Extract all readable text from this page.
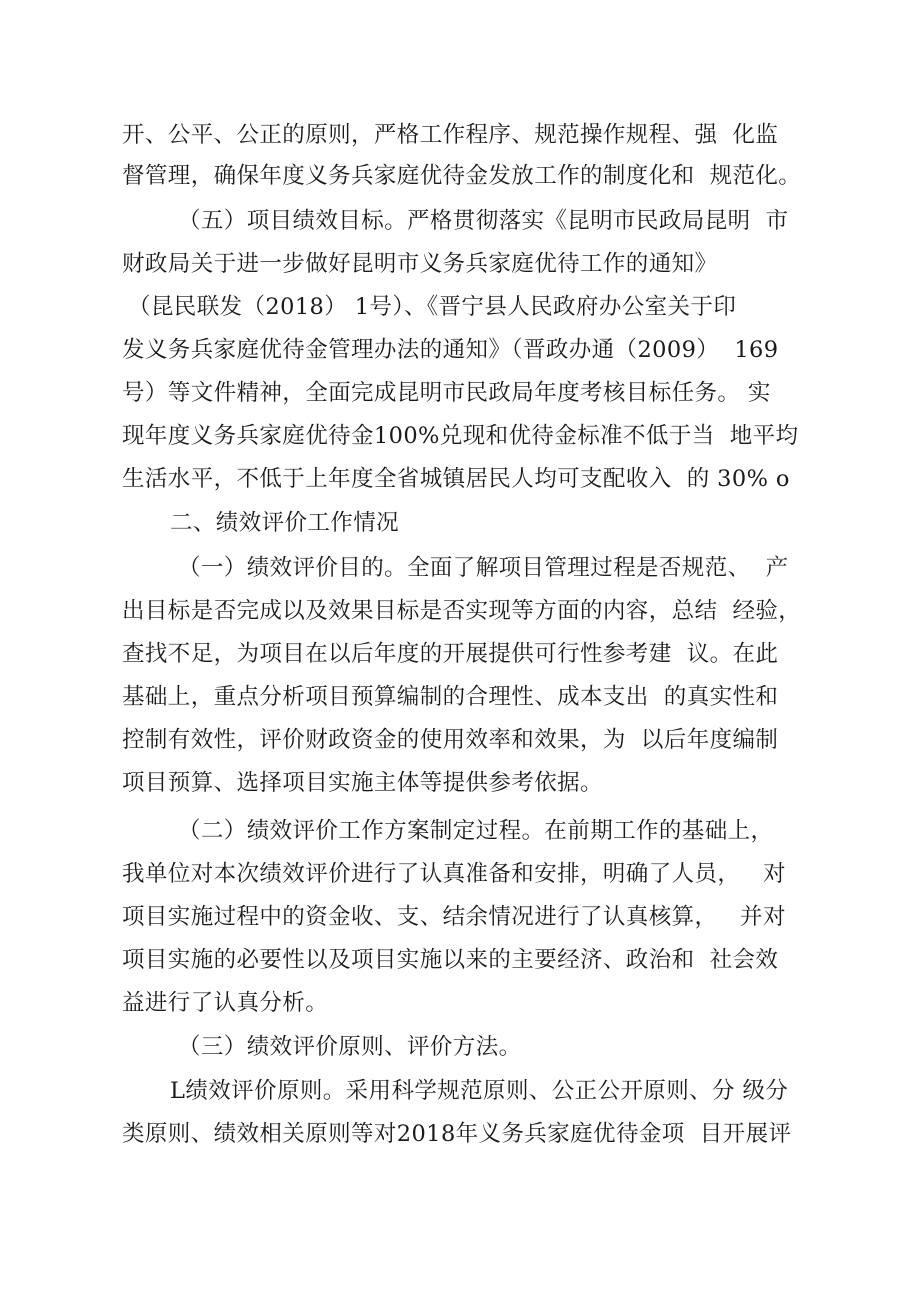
开、公平、公正的原则，严格工作程序、规范操作规程、强  化监
督管理，确保年度义务兵家庭优待金发放工作的制度化和  规范化。
（五）项目绩效目标。严格贯彻落实《昆明市民政局昆明  市
财政局关于进一步做好昆明市义务兵家庭优待工作的通知》
（昆民联发（2018） 1号）、《晋宁县人民政府办公室关于印
发义务兵家庭优待金管理办法的通知》（晋政办通（2009）  169
号）等文件精神，全面完成昆明市民政局年度考核目标任务。 实
现年度义务兵家庭优待金100%兑现和优待金标准不低于当  地平均
生活水平，不低于上年度全省城镇居民人均可支配收入  的 30% o
二、绩效评价工作情况
（一）绩效评价目的。全面了解项目管理过程是否规范、  产
出目标是否完成以及效果目标是否实现等方面的内容，总结  经验，
查找不足，为项目在以后年度的开展提供可行性参考建  议。在此
基础上，重点分析项目预算编制的合理性、成本支出  的真实性和
控制有效性，评价财政资金的使用效率和效果，为  以后年度编制
项目预算、选择项目实施主体等提供参考依据。
（二）绩效评价工作方案制定过程。在前期工作的基础上，
我单位对本次绩效评价进行了认真准备和安排，明确了人员，   对
项目实施过程中的资金收、支、结余情况进行了认真核算，   并对
项目实施的必要性以及项目实施以来的主要经济、政治和  社会效
益进行了认真分析。
（三）绩效评价原则、评价方法。
L绩效评价原则。采用科学规范原则、公正公开原则、分 级分
类原则、绩效相关原则等对2018年义务兵家庭优待金项  目开展评
